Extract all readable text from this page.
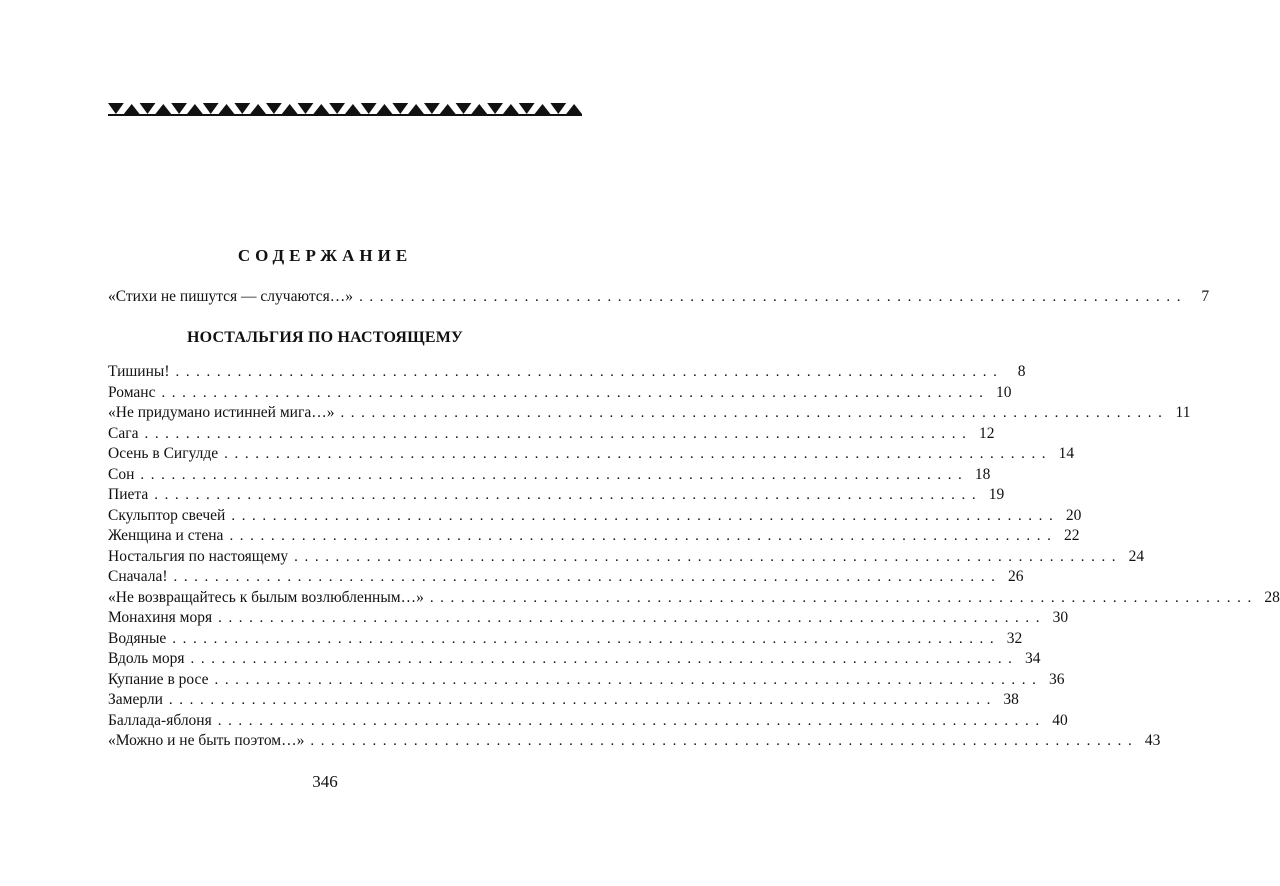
СОДЕРЖАНИЕ
«Стихи не пишутся — случаются…» ................................................................................ 7
НОСТАЛЬГИЯ ПО НАСТОЯЩЕМУ
Тишины! ................................................................................ 8
Романс ................................................................................ 10
«Не придумано истинней мига…» ................................................................................ 11
Сага ................................................................................ 12
Осень в Сигулде ................................................................................ 14
Сон ................................................................................ 18
Пиета ................................................................................ 19
Скульптор свечей ................................................................................ 20
Женщина и стена ................................................................................ 22
Ностальгия по настоящему ................................................................................ 24
Сначала! ................................................................................ 26
«Не возвращайтесь к былым возлюбленным…» ................................................................................ 28
Монахиня моря ................................................................................ 30
Водяные ................................................................................ 32
Вдоль моря ................................................................................ 34
Купание в росе ................................................................................ 36
Замерли ................................................................................ 38
Баллада-яблоня ................................................................................ 40
«Можно и не быть поэтом…» ................................................................................ 43
346
